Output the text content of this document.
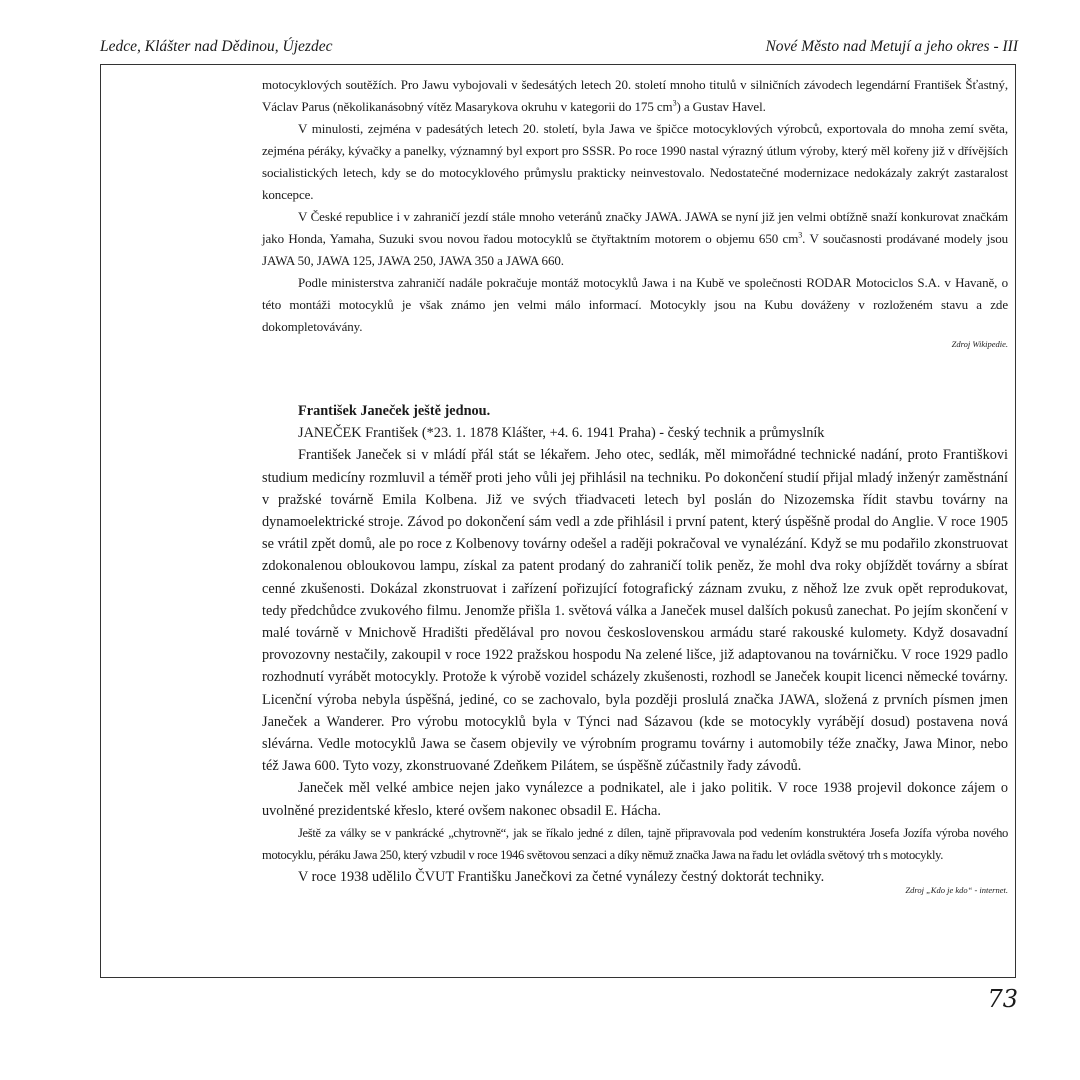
Ledce, Klášter nad Dědinou, Újezdec	Nové Město nad Metují a jeho okres - III

motocyklových soutěžích. Pro Jawu vybojovali v šedesátých letech 20. století mnoho titulů v silničních závodech legendární František Šťastný, Václav Parus (několikanásobný vítěz Masarykova okruhu v kategorii do 175 $cm^3$) a Gustav Havel.

V minulosti, zejména v padesátých letech 20. století, byla Jawa ve špičce motocyklových výrobců, exportovala do mnoha zemí světa, zejména péráky, kývačky a panelky, významný byl export pro SSSR. Po roce 1990 nastal výrazný útlum výroby, který měl kořeny již v dřívějších socialistických letech, kdy se do motocyklového průmyslu prakticky neinvestovalo. Nedostatečné modernizace nedokázaly zakrýt zastaralost koncepce.

V České republice i v zahraničí jezdí stále mnoho veteránů značky JAWA. JAWA se nyní již jen velmi obtížně snaží konkurovat značkám jako Honda, Yamaha, Suzuki svou novou řadou motocyklů se čtyřtaktním motorem o objemu 650 $cm^3$. V současnosti prodávané modely jsou JAWA 50, JAWA 125, JAWA 250, JAWA 350 a JAWA 660.

Podle ministerstva zahraničí nadále pokračuje montáž motocyklů Jawa i na Kubě ve společnosti RODAR Motociclos S.A. v Havaně, o této montáži motocyklů je však známo jen velmi málo informací. Motocykly jsou na Kubu dováženy v rozloženém stavu a zde dokompletovávány.

Zdroj Wikipedie.

František Janeček ještě jednou.

JANEČEK František (*23. 1. 1878 Klášter, +4. 6. 1941 Praha) - český technik a průmyslník

František Janeček si v mládí přál stát se lékařem. Jeho otec, sedlák, měl mimořádné technické nadání, proto Františkovi studium medicíny rozmluvil a téměř proti jeho vůli jej přihlásil na techniku. Po dokončení studií přijal mladý inženýr zaměstnání v pražské továrně Emila Kolbena. Již ve svých třiadvaceti letech byl poslán do Nizozemska řídit stavbu továrny na dynamoelektrické stroje. Závod po dokončení sám vedl a zde přihlásil i první patent, který úspěšně prodal do Anglie. V roce 1905 se vrátil zpět domů, ale po roce z Kolbenovy továrny odešel a raději pokračoval ve vynalézání. Když se mu podařilo zkonstruovat zdokonalenou obloukovou lampu, získal za patent prodaný do zahraničí tolik peněz, že mohl dva roky objíždět továrny a sbírat cenné zkušenosti. Dokázal zkonstruovat i zařízení pořizující fotografický záznam zvuku, z něhož lze zvuk opět reprodukovat, tedy předchůdce zvukového filmu. Jenomže přišla 1. světová válka a Janeček musel dalších pokusů zanechat. Po jejím skončení v malé továrně v Mnichově Hradišti předělával pro novou československou armádu staré rakouské kulomety. Když dosavadní provozovny nestačily, zakoupil v roce 1922 pražskou hospodu Na zelené lišce, již adaptovanou na továrničku. V roce 1929 padlo rozhodnutí vyrábět motocykly. Protože k výrobě vozidel scházely zkušenosti, rozhodl se Janeček koupit licenci německé továrny. Licenční výroba nebyla úspěšná, jediné, co se zachovalo, byla později proslulá značka JAWA, složená z prvních písmen jmen Janeček a Wanderer. Pro výrobu motocyklů byla v Týnci nad Sázavou (kde se motocykly vyrábějí dosud) postavena nová slévárna. Vedle motocyklů Jawa se časem objevily ve výrobním programu továrny i automobily téže značky, Jawa Minor, nebo též Jawa 600. Tyto vozy, zkonstruované Zdeňkem Pilátem, se úspěšně zúčastnily řady závodů.

Janeček měl velké ambice nejen jako vynálezce a podnikatel, ale i jako politik. V roce 1938 projevil dokonce zájem o uvolněné prezidentské křeslo, které ovšem nakonec obsadil E. Hácha.

Ještě za války se v pankrácké „chytrovně“, jak se říkalo jedné z dílen, tajně připravovala pod vedením konstruktéra Josefa Jozífa výroba nového motocyklu, péráku Jawa 250, který vzbudil v roce 1946 světovou senzaci a díky němuž značka Jawa na řadu let ovládla světový trh s motocykly.

V roce 1938 udělilo ČVUT Františku Janečkovi za četné vynálezy čestný doktorát techniky.

Zdroj „Kdo je kdo“ - internet.
73
